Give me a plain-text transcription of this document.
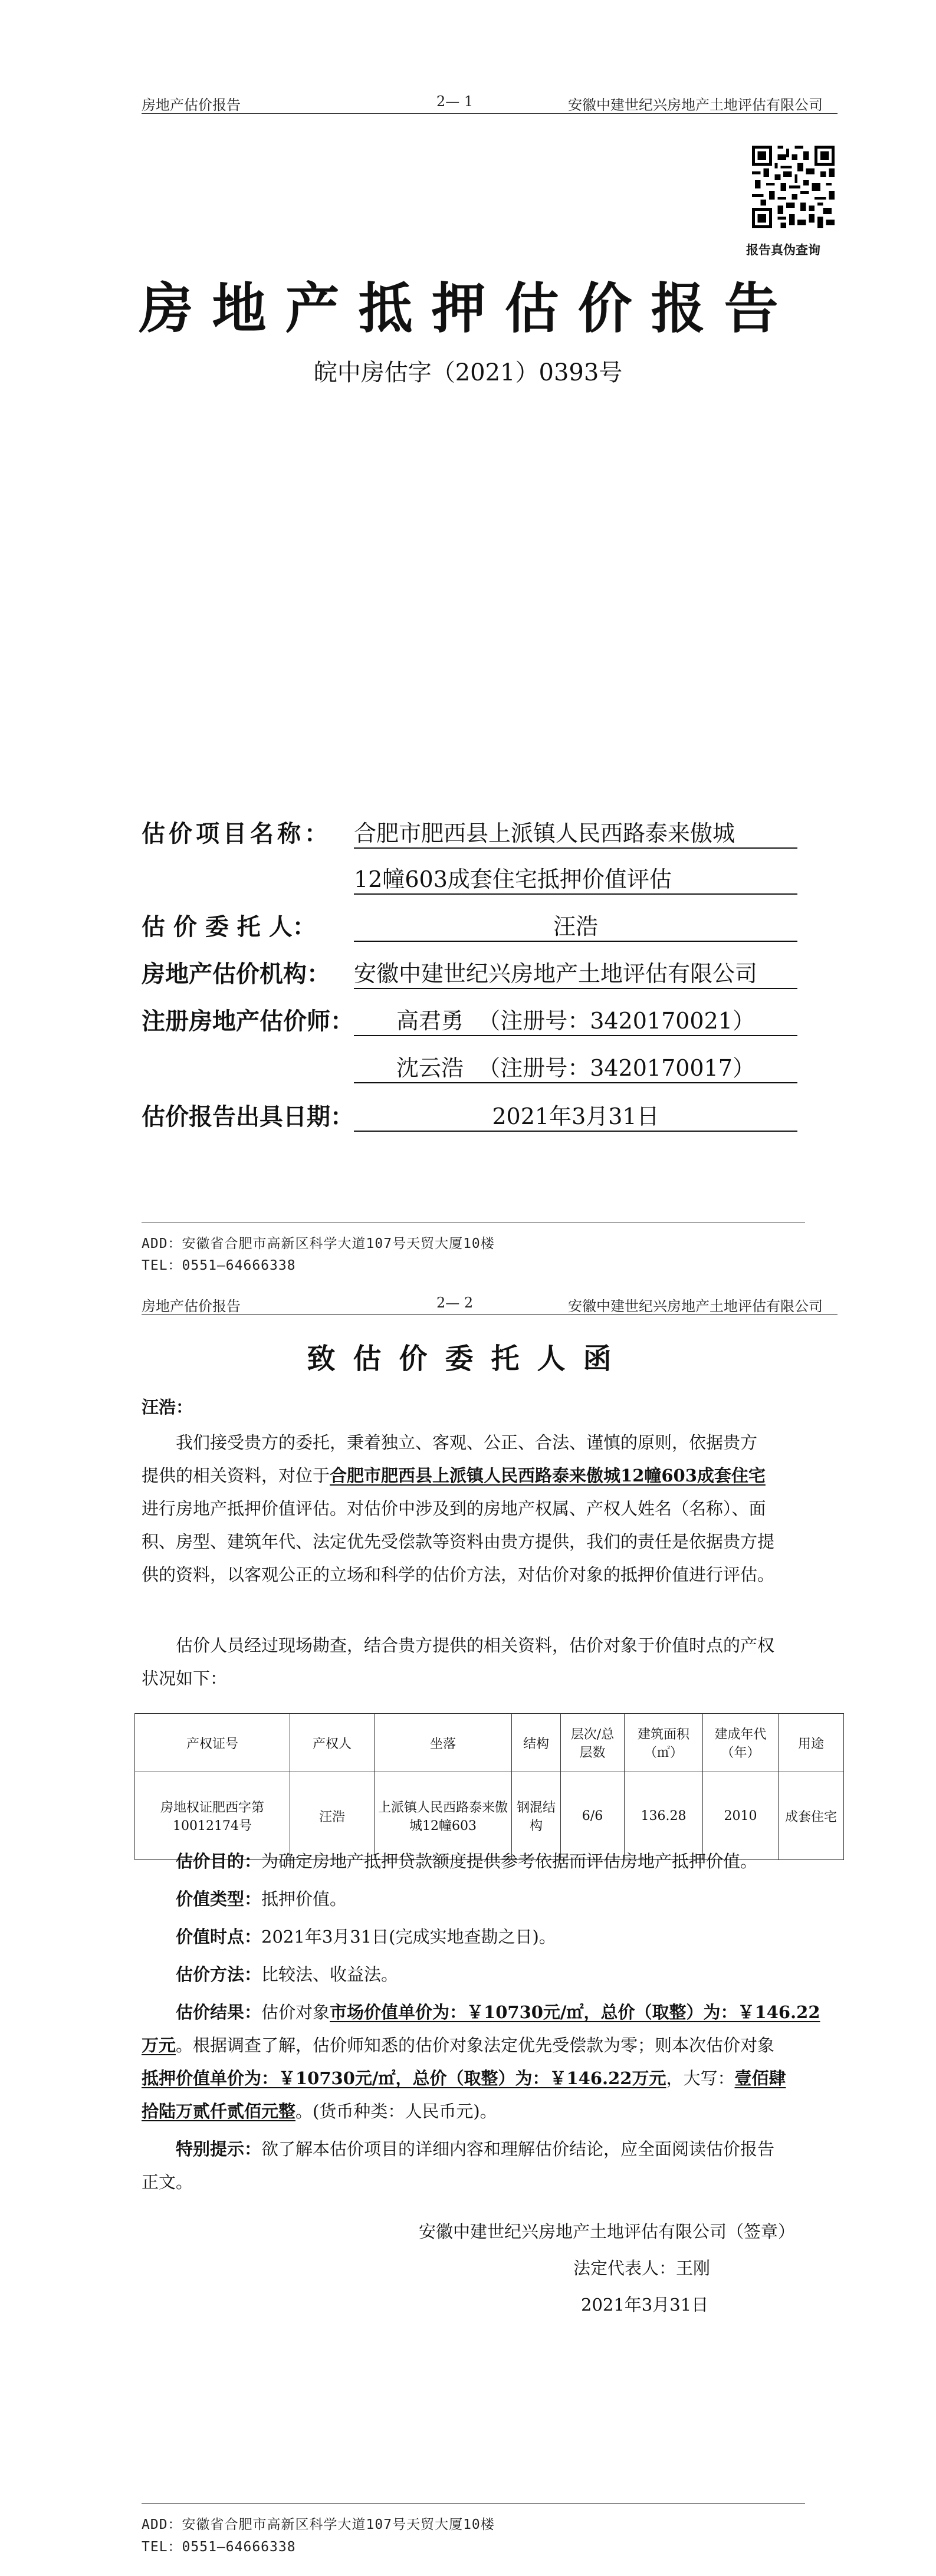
房地产估价报告	2— 1	安徽中建世纪兴房地产土地评估有限公司
报告真伪查询
房地产抵押估价报告
皖中房估字（2021）0393号
估价项目名称： 合肥市肥西县上派镇人民西路泰来傲城
12幢603成套住宅抵押价值评估
估 价 委 托 人：	汪浩
房地产估价机构： 安徽中建世纪兴房地产土地评估有限公司
注册房地产估价师：	高君勇  （注册号：3420170021）
沈云浩  （注册号：3420170017）
估价报告出具日期：	2021年3月31日
ADD：安徽省合肥市高新区科学大道107号天贸大厦10楼
TEL：0551—64666338
房地产估价报告	2— 2	安徽中建世纪兴房地产土地评估有限公司
致估价委托人函
汪浩：
我们接受贵方的委托，秉着独立、客观、公正、合法、谨慎的原则，依据贵方
提供的相关资料，对位于合肥市肥西县上派镇人民西路泰来傲城12幢603成套住宅
进行房地产抵押价值评估。对估价中涉及到的房地产权属、产权人姓名（名称）、面
积、房型、建筑年代、法定优先受偿款等资料由贵方提供，我们的责任是依据贵方提
供的资料，以客观公正的立场和科学的估价方法，对估价对象的抵押价值进行评估。
估价人员经过现场勘查，结合贵方提供的相关资料，估价对象于价值时点的产权
状况如下：
产权证号	产权人	坐落	结构	层次/总层数	建筑面积（㎡）	建成年代（年）	用途
房地权证肥西字第10012174号	汪浩	上派镇人民西路泰来傲城12幢603	钢混结构	6/6	136.28	2010	成套住宅
估价目的：为确定房地产抵押贷款额度提供参考依据而评估房地产抵押价值。
价值类型：抵押价值。
价值时点：2021年3月31日(完成实地查勘之日)。
估价方法：比较法、收益法。
估价结果：估价对象市场价值单价为：￥10730元/㎡，总价（取整）为：￥146.22
万元。根据调查了解，估价师知悉的估价对象法定优先受偿款为零；则本次估价对象
抵押价值单价为：￥10730元/㎡，总价（取整）为：￥146.22万元，大写：壹佰肆
拾陆万贰仟贰佰元整。(货币种类：人民币元)。
特别提示：欲了解本估价项目的详细内容和理解估价结论，应全面阅读估价报告
正文。
安徽中建世纪兴房地产土地评估有限公司（签章）
法定代表人：王刚
2021年3月31日
ADD：安徽省合肥市高新区科学大道107号天贸大厦10楼
TEL：0551—64666338
